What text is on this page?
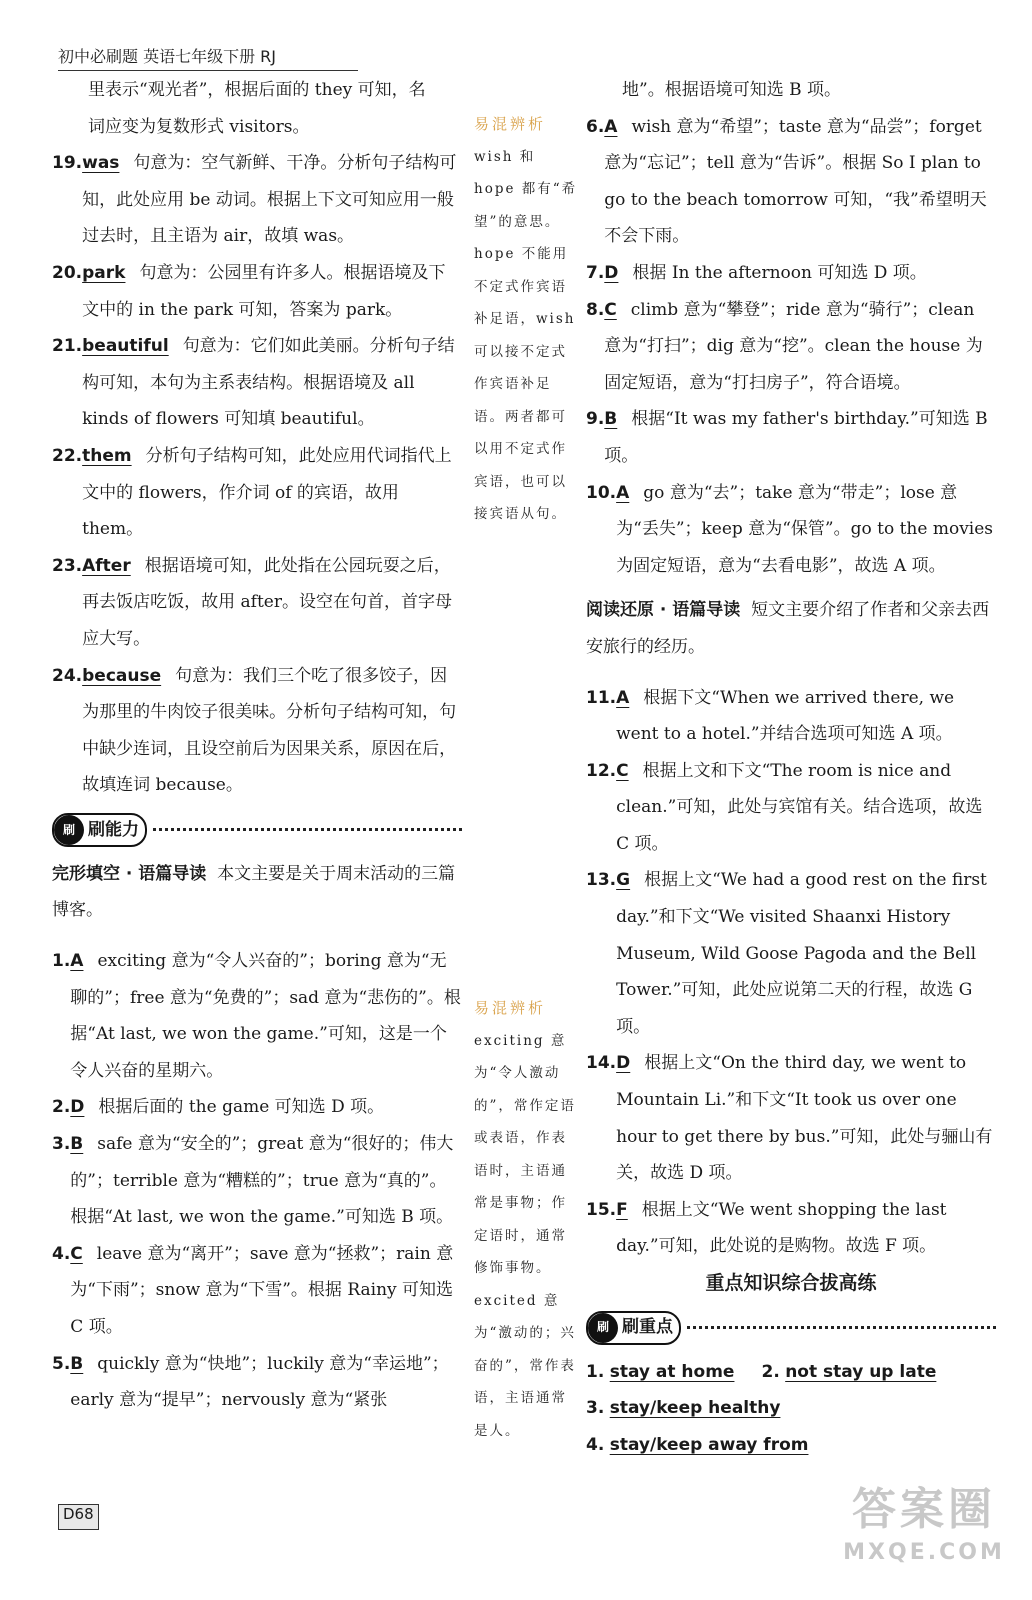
初中必刷题 英语七年级下册 RJ
里表示“观光者”，根据后面的 they 可知，名
词应变为复数形式 visitors。
19. was 句意为：空气新鲜、干净。分析句子结构可知，此处应用 be 动词。根据上下文可知应用一般过去时，且主语为 air，故填 was。
20. park 句意为：公园里有许多人。根据语境及下文中的 in the park 可知，答案为 park。
21. beautiful 句意为：它们如此美丽。分析句子结构可知，本句为主系表结构。根据语境及 all kinds of flowers 可知填 beautiful。
22. them 分析句子结构可知，此处应用代词指代上文中的 flowers，作介词 of 的宾语，故用 them。
23. After 根据语境可知，此处指在公园玩耍之后，再去饭店吃饭，故用 after。设空在句首，首字母应大写。
24. because 句意为：我们三个吃了很多饺子，因为那里的牛肉饺子很美味。分析句子结构可知，句中缺少连词，且设空前后为因果关系，原因在后，故填连词 because。
刷 刷能力
完形填空 · 语篇导读 本文主要是关于周末活动的三篇博客。
1. A exciting 意为“令人兴奋的”；boring 意为“无聊的”；free 意为“免费的”；sad 意为“悲伤的”。根据“At last, we won the game.”可知，这是一个令人兴奋的星期六。
2. D 根据后面的 the game 可知选 D 项。
3. B safe 意为“安全的”；great 意为“很好的；伟大的”；terrible 意为“糟糕的”；true 意为“真的”。根据“At last, we won the game.”可知选 B 项。
4. C leave 意为“离开”；save 意为“拯救”；rain 意为“下雨”；snow 意为“下雪”。根据 Rainy 可知选 C 项。
5. B quickly 意为“快地”；luckily 意为“幸运地”；early 意为“提早”；nervously 意为“紧张
易混辨析
wish 和 hope 都有“希望”的意思。hope 不能用不定式作宾语补足语，wish 可以接不定式作宾语补足语。两者都可以用不定式作宾语，也可以接宾语从句。
易混辨析
exciting 意为“令人激动的”，常作定语或表语，作表语时，主语通常是事物；作定语时，通常修饰事物。excited 意为“激动的；兴奋的”，常作表语，主语通常是人。
地”。根据语境可知选 B 项。
6. A wish 意为“希望”；taste 意为“品尝”；forget 意为“忘记”；tell 意为“告诉”。根据 So I plan to go to the beach tomorrow 可知，“我”希望明天不会下雨。
7. D 根据 In the afternoon 可知选 D 项。
8. C climb 意为“攀登”；ride 意为“骑行”；clean 意为“打扫”；dig 意为“挖”。clean the house 为固定短语，意为“打扫房子”，符合语境。
9. B 根据“It was my father's birthday.”可知选 B 项。
10. A go 意为“去”；take 意为“带走”；lose 意为“丢失”；keep 意为“保管”。go to the movies 为固定短语，意为“去看电影”，故选 A 项。
阅读还原 · 语篇导读 短文主要介绍了作者和父亲去西安旅行的经历。
11. A 根据下文“When we arrived there, we went to a hotel.”并结合选项可知选 A 项。
12. C 根据上文和下文“The room is nice and clean.”可知，此处与宾馆有关。结合选项，故选 C 项。
13. G 根据上文“We had a good rest on the first day.”和下文“We visited Shaanxi History Museum, Wild Goose Pagoda and the Bell Tower.”可知，此处应说第二天的行程，故选 G 项。
14. D 根据上文“On the third day, we went to Mountain Li.”和下文“It took us over one hour to get there by bus.”可知，此处与骊山有关，故选 D 项。
15. F 根据上文“We went shopping the last day.”可知，此处说的是购物。故选 F 项。
重点知识综合拔高练
刷 刷重点
1. stay at home 2. not stay up late
3. stay/keep healthy
4. stay/keep away from
D68	答案圈
MXQE.COM
